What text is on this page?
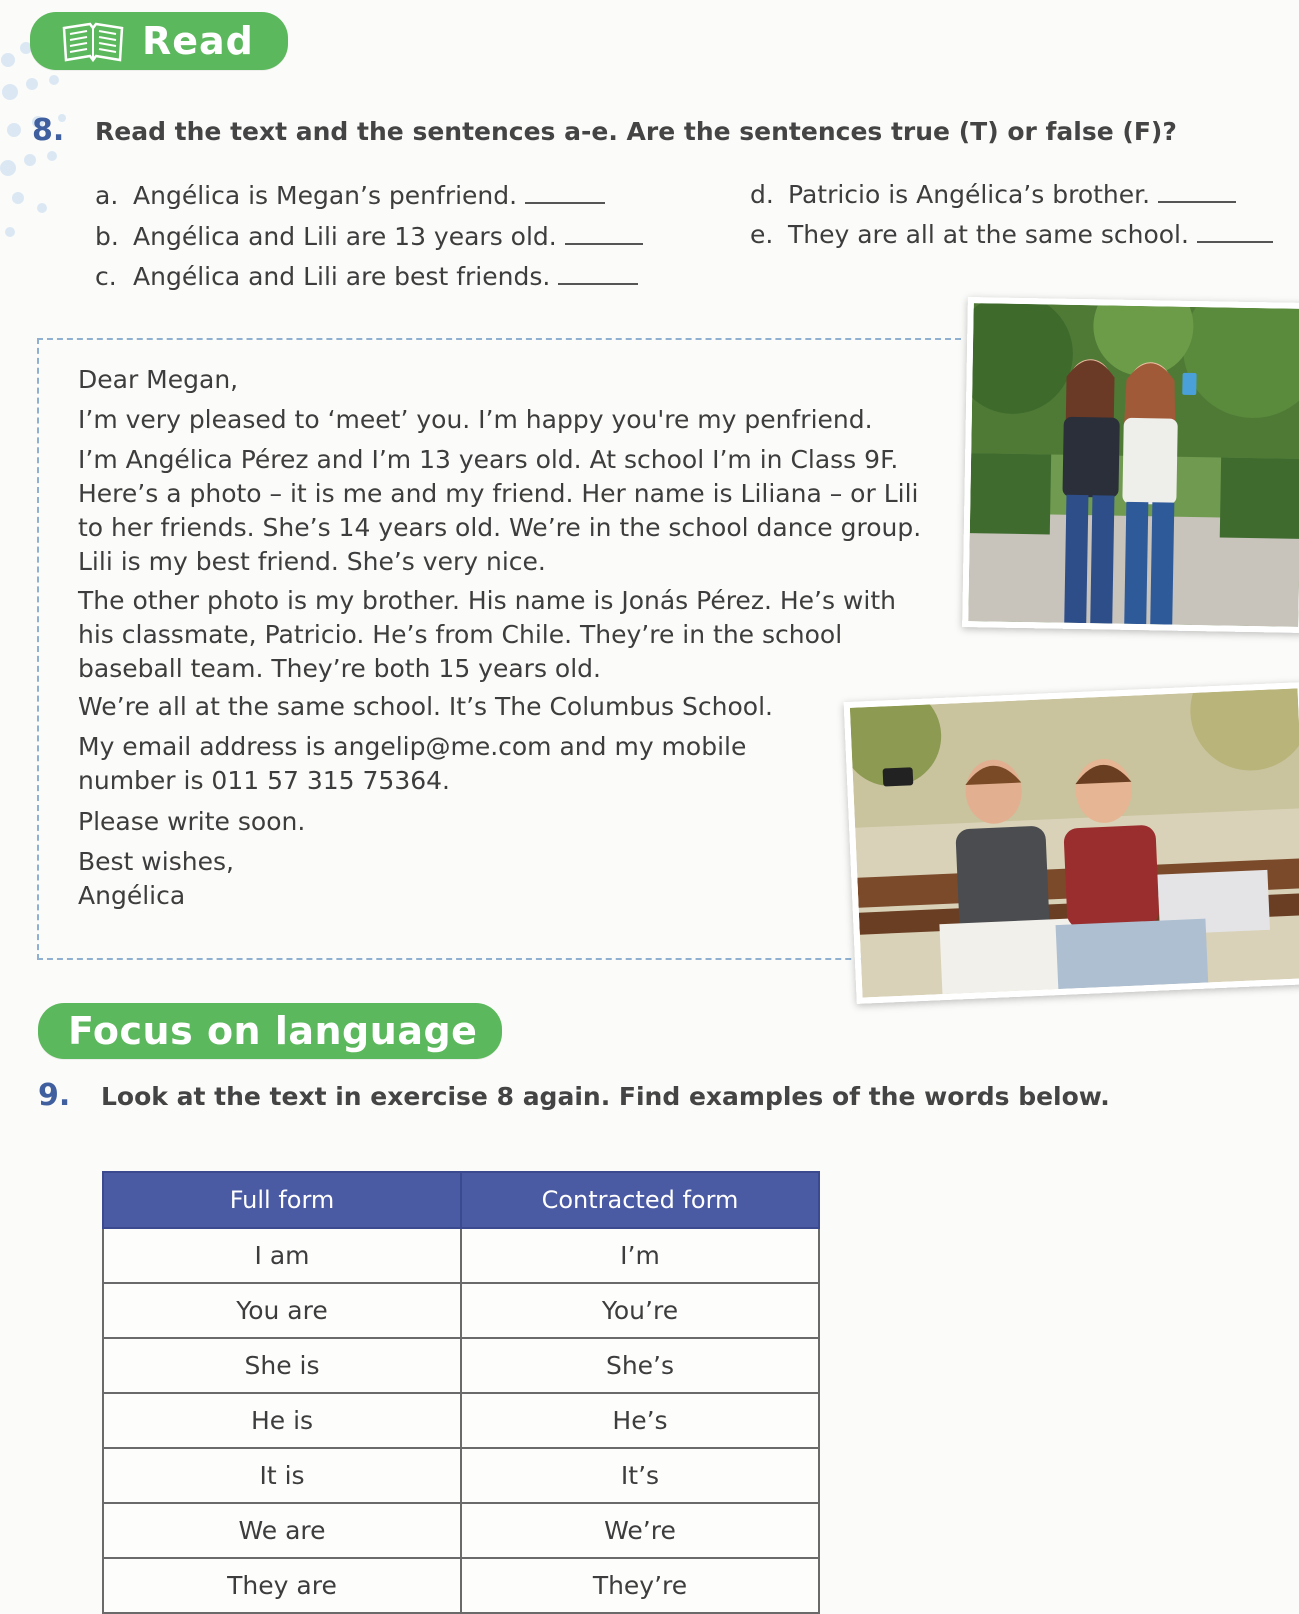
Read
8. Read the text and the sentences a-e. Are the sentences true (T) or false (F)?
a. Angélica is Megan’s penfriend.
b. Angélica and Lili are 13 years old.
c. Angélica and Lili are best friends.
d. Patricio is Angélica’s brother.
e. They are all at the same school.
Dear Megan,
I’m very pleased to ‘meet’ you. I’m happy you're my penfriend.
I’m Angélica Pérez and I’m 13 years old. At school I’m in Class 9F.
Here’s a photo – it is me and my friend. Her name is Liliana – or Lili
to her friends. She’s 14 years old. We’re in the school dance group.
Lili is my best friend. She’s very nice.
The other photo is my brother. His name is Jonás Pérez. He’s with
his classmate, Patricio. He’s from Chile. They’re in the school
baseball team. They’re both 15 years old.
We’re all at the same school. It’s The Columbus School.
My email address is angelip@me.com and my mobile
number is 011 57 315 75364.
Please write soon.
Best wishes,
Angélica
Focus on language
9. Look at the text in exercise 8 again. Find examples of the words below.
Full form	Contracted form
I am	I’m
You are	You’re
She is	She’s
He is	He’s
It is	It’s
We are	We’re
They are	They’re
